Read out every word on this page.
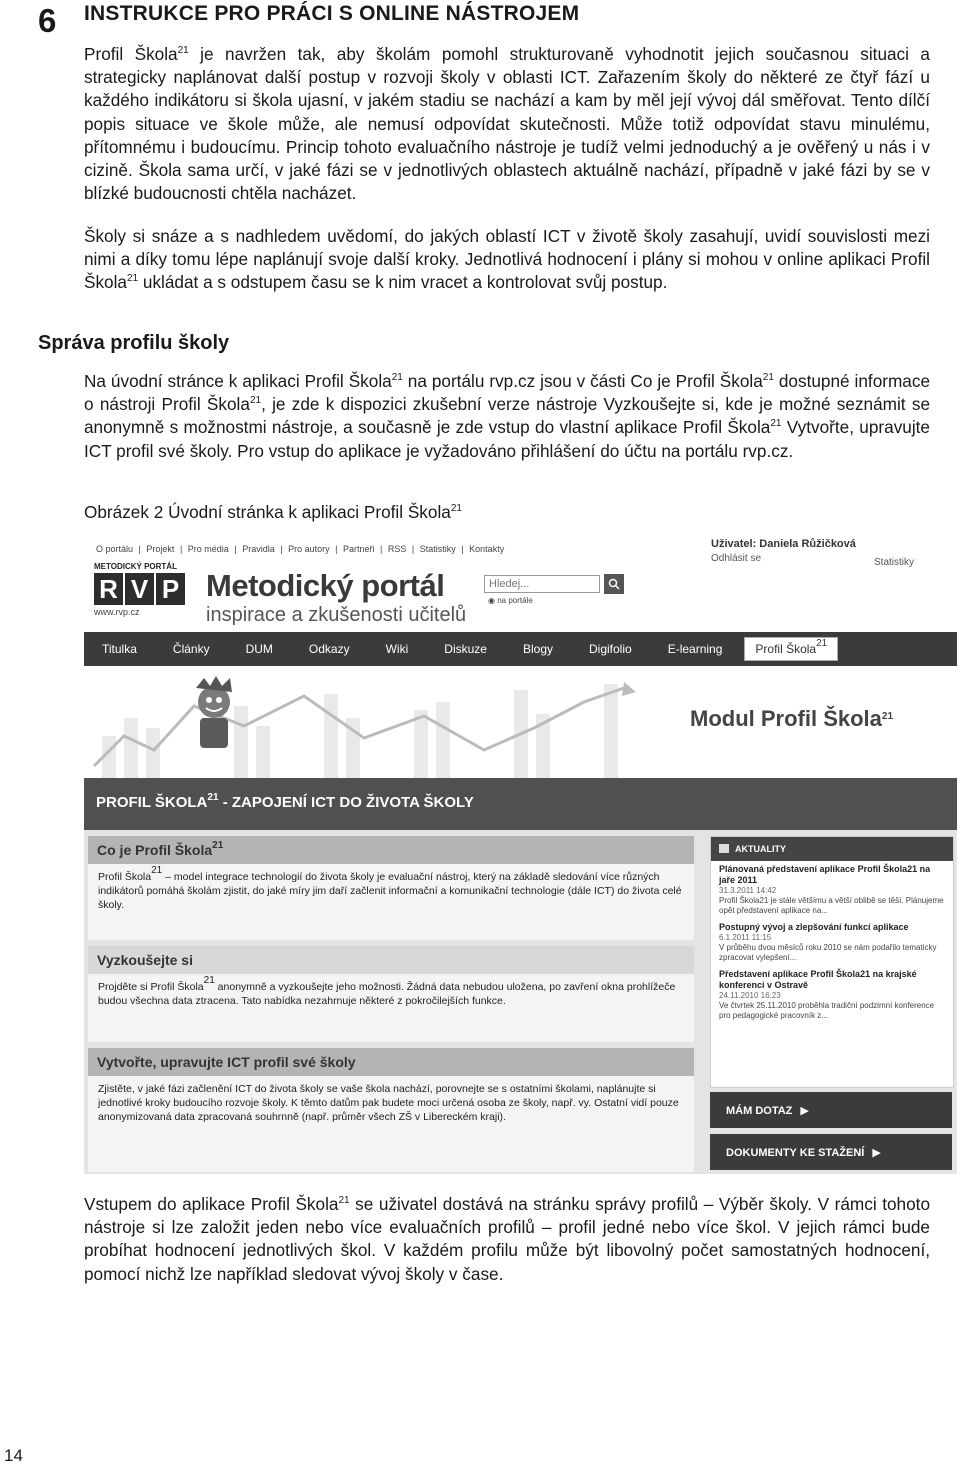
6 INSTRUKCE PRO PRÁCI S ONLINE NÁSTROJEM

Profil Škola$^{21}$ je navržen tak, aby školám pomohl strukturovaně vyhodnotit jejich současnou situaci a strategicky naplánovat další postup v rozvoji školy v oblasti ICT. Zařazením školy do některé ze čtyř fází u každého indikátoru si škola ujasní, v jakém stadiu se nachází a kam by měl její vývoj dál směřovat. Tento dílčí popis situace ve škole může, ale nemusí odpovídat skutečnosti. Může totiž odpovídat stavu minulému, přítomnému i budoucímu. Princip tohoto evaluačního nástroje je tudíž velmi jednoduchý a je ověřený u nás i v cizině. Škola sama určí, v jaké fázi se v jednotlivých oblastech aktuálně nachází, případně v jaké fázi by se v blízké budoucnosti chtěla nacházet.

Školy si snáze a s nadhledem uvědomí, do jakých oblastí ICT v životě školy zasahují, uvidí souvislosti mezi nimi a díky tomu lépe naplánují svoje další kroky. Jednotlivá hodnocení i plány si mohou v online aplikaci Profil Škola$^{21}$ ukládat a s odstupem času se k nim vracet a kontrolovat svůj postup.

Správa profilu školy

Na úvodní stránce k aplikaci Profil Škola$^{21}$ na portálu rvp.cz jsou v části Co je Profil Škola$^{21}$ dostupné informace o nástroji Profil Škola$^{21}$, je zde k dispozici zkušební verze nástroje Vyzkoušejte si, kde je možné seznámit se anonymně s možnostmi nástroje, a současně je zde vstup do vlastní aplikace Profil Škola$^{21}$ Vytvořte, upravujte ICT profil své školy. Pro vstup do aplikace je vyžadováno přihlášení do účtu na portálu rvp.cz.

Obrázek 2 Úvodní stránka k aplikaci Profil Škola$^{21}$

O portálu | Projekt | Pro média | Pravidla | Pro autory | Partneři | RSS | Statistiky | Kontakty	Uživatel: Daniela Růžičková
Odhlásit se	Statistiky
METODICKÝ PORTÁL
R V P
www.rvp.cz
Metodický portál
inspirace a zkušenosti učitelů
Hledej...
◉ na portále
Titulka	Články	DUM	Odkazy	Wiki	Diskuze	Blogy	Digifolio	E-learning	Profil Škola$^{21}$
Modul Profil Škola$^{21}$
PROFIL ŠKOLA$^{21}$ - ZAPOJENÍ ICT DO ŽIVOTA ŠKOLY
Co je Profil Škola$^{21}$
Profil Škola$^{21}$ – model integrace technologií do života školy je evaluační nástroj, který na základě sledování více různých indikátorů pomáhá školám zjistit, do jaké míry jim daří začlenit informační a komunikační technologie (dále ICT) do života celé školy.
Vyzkoušejte si
Projděte si Profil Škola$^{21}$ anonymně a vyzkoušejte jeho možnosti. Žádná data nebudou uložena, po zavření okna prohlížeče budou všechna data ztracena. Tato nabídka nezahrnuje některé z pokročilejších funkce.
Vytvořte, upravujte ICT profil své školy
Zjistěte, v jaké fázi začlenění ICT do života školy se vaše škola nachází, porovnejte se s ostatními školami, naplánujte si jednotlivé kroky budoucího rozvoje školy. K těmto datům pak budete moci určená osoba ze školy, např. vy. Ostatní vidí pouze anonymizovaná data zpracovaná souhrnně (např. průměr všech ZŠ v Libereckém kraji).
AKTUALITY
Plánovaná představení aplikace Profil Škola21 na jaře 2011
31.3.2011 14:42
Profil Škola21 je stále většímu a větší oblibě se těší. Plánujeme opět představení aplikace na...
Postupný vývoj a zlepšování funkcí aplikace
6.1.2011 11:15
V průběhu dvou měsíců roku 2010 se nám podařilo tematicky zpracovat vylepšení...
Představení aplikace Profil Škola21 na krajské konferenci v Ostravě
24.11.2010 16:23
Ve čtvrtek 25.11.2010 proběhla tradiční podzimní konference pro pedagogické pracovník z...
MÁM DOTAZ ▶
DOKUMENTY KE STAŽENÍ ▶

Vstupem do aplikace Profil Škola$^{21}$ se uživatel dostává na stránku správy profilů – Výběr školy. V rámci tohoto nástroje si lze založit jeden nebo více evaluačních profilů – profil jedné nebo více škol. V jejich rámci bude probíhat hodnocení jednotlivých škol. V každém profilu může být libovolný počet samostatných hodnocení, pomocí nichž lze například sledovat vývoj školy v čase.

14
